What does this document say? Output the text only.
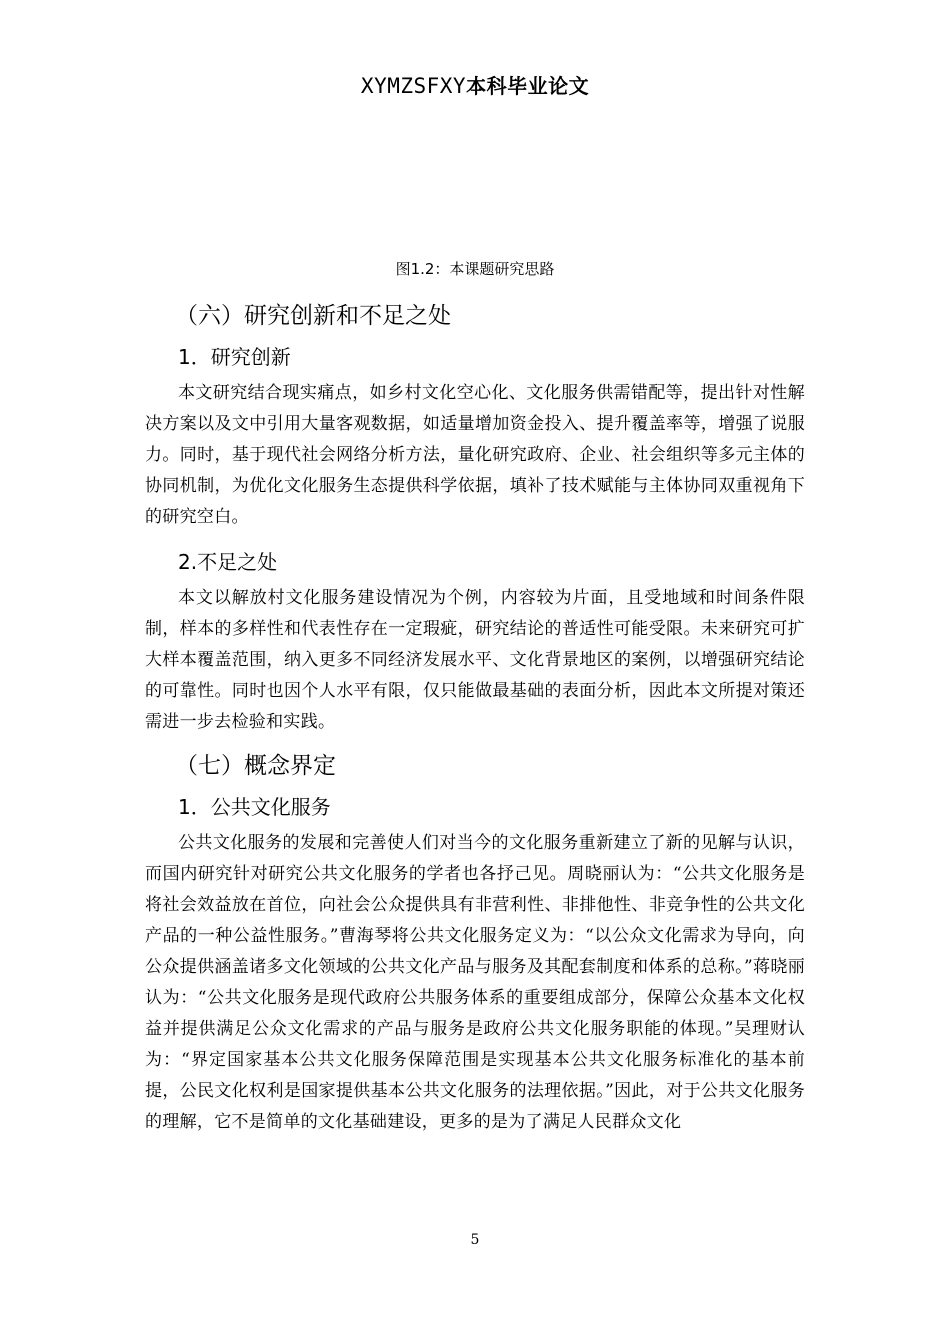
XYMZSFXY本科毕业论文
图1.2：本课题研究思路
（六）研究创新和不足之处
1．研究创新

本文研究结合现实痛点，如乡村文化空心化、文化服务供需错配等，提出针对性解决方案以及文中引用大量客观数据，如适量增加资金投入、提升覆盖率等，增强了说服力。同时，基于现代社会网络分析方法，量化研究政府、企业、社会组织等多元主体的协同机制，为优化文化服务生态提供科学依据，填补了技术赋能与主体协同双重视角下的研究空白。

2.不足之处

本文以解放村文化服务建设情况为个例，内容较为片面，且受地域和时间条件限制，样本的多样性和代表性存在一定瑕疵，研究结论的普适性可能受限。未来研究可扩大样本覆盖范围，纳入更多不同经济发展水平、文化背景地区的案例，以增强研究结论的可靠性。同时也因个人水平有限，仅只能做最基础的表面分析，因此本文所提对策还需进一步去检验和实践。

（七）概念界定
1．公共文化服务

公共文化服务的发展和完善使人们对当今的文化服务重新建立了新的见解与认识，而国内研究针对研究公共文化服务的学者也各抒己见。周晓丽认为：“公共文化服务是将社会效益放在首位，向社会公众提供具有非营利性、非排他性、非竞争性的公共文化产品的一种公益性服务。”曹海琴将公共文化服务定义为：“以公众文化需求为导向，向公众提供涵盖诸多文化领域的公共文化产品与服务及其配套制度和体系的总称。”蒋晓丽认为：“公共文化服务是现代政府公共服务体系的重要组成部分，保障公众基本文化权益并提供满足公众文化需求的产品与服务是政府公共文化服务职能的体现。”吴理财认为：“界定国家基本公共文化服务保障范围是实现基本公共文化服务标准化的基本前提，公民文化权利是国家提供基本公共文化服务的法理依据。”因此，对于公共文化服务的理解，它不是简单的文化基础建设，更多的是为了满足人民群众文化

5
